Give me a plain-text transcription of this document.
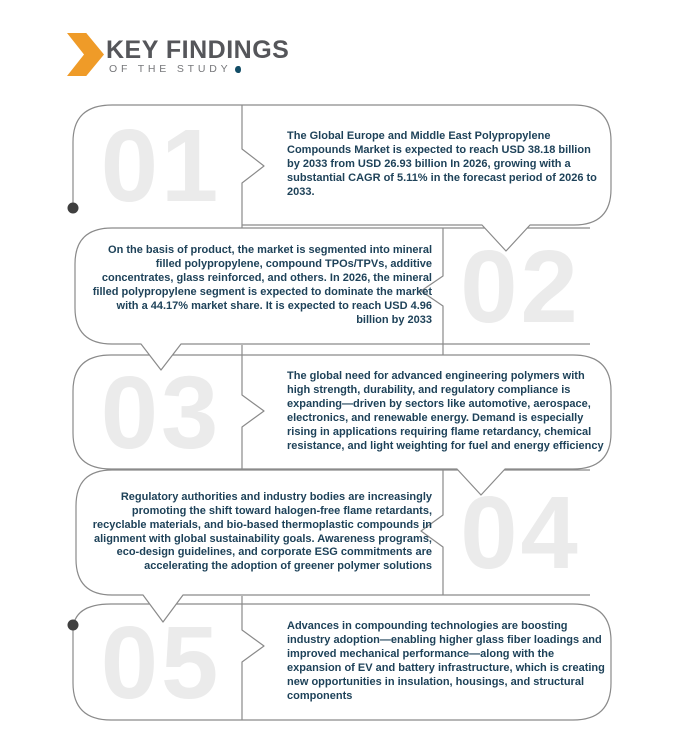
KEY FINDINGS
OF THE STUDY
01	The Global Europe and Middle East Polypropylene Compounds Market is expected to reach USD 38.18 billion by 2033 from USD 26.93 billion In 2026, growing with a substantial CAGR of 5.11% in the forecast period of 2026 to 2033.

On the basis of product, the market is segmented into mineral filled polypropylene, compound TPOs/TPVs, additive concentrates, glass reinforced, and others. In 2026, the mineral filled polypropylene segment is expected to dominate the market with a 44.17% market share. It is expected to reach USD 4.96 billion by 2033 02
03	The global need for advanced engineering polymers with high strength, durability, and regulatory compliance is expanding—driven by sectors like automotive, aerospace, electronics, and renewable energy. Demand is especially rising in applications requiring flame retardancy, chemical resistance, and light weighting for fuel and energy efficiency

Regulatory authorities and industry bodies are increasingly promoting the shift toward halogen-free flame retardants, recyclable materials, and bio-based thermoplastic compounds in alignment with global sustainability goals. Awareness programs, eco-design guidelines, and corporate ESG commitments are accelerating the adoption of greener polymer solutions 04
05	Advances in compounding technologies are boosting industry adoption—enabling higher glass fiber loadings and improved mechanical performance—along with the expansion of EV and battery infrastructure, which is creating new opportunities in insulation, housings, and structural components
